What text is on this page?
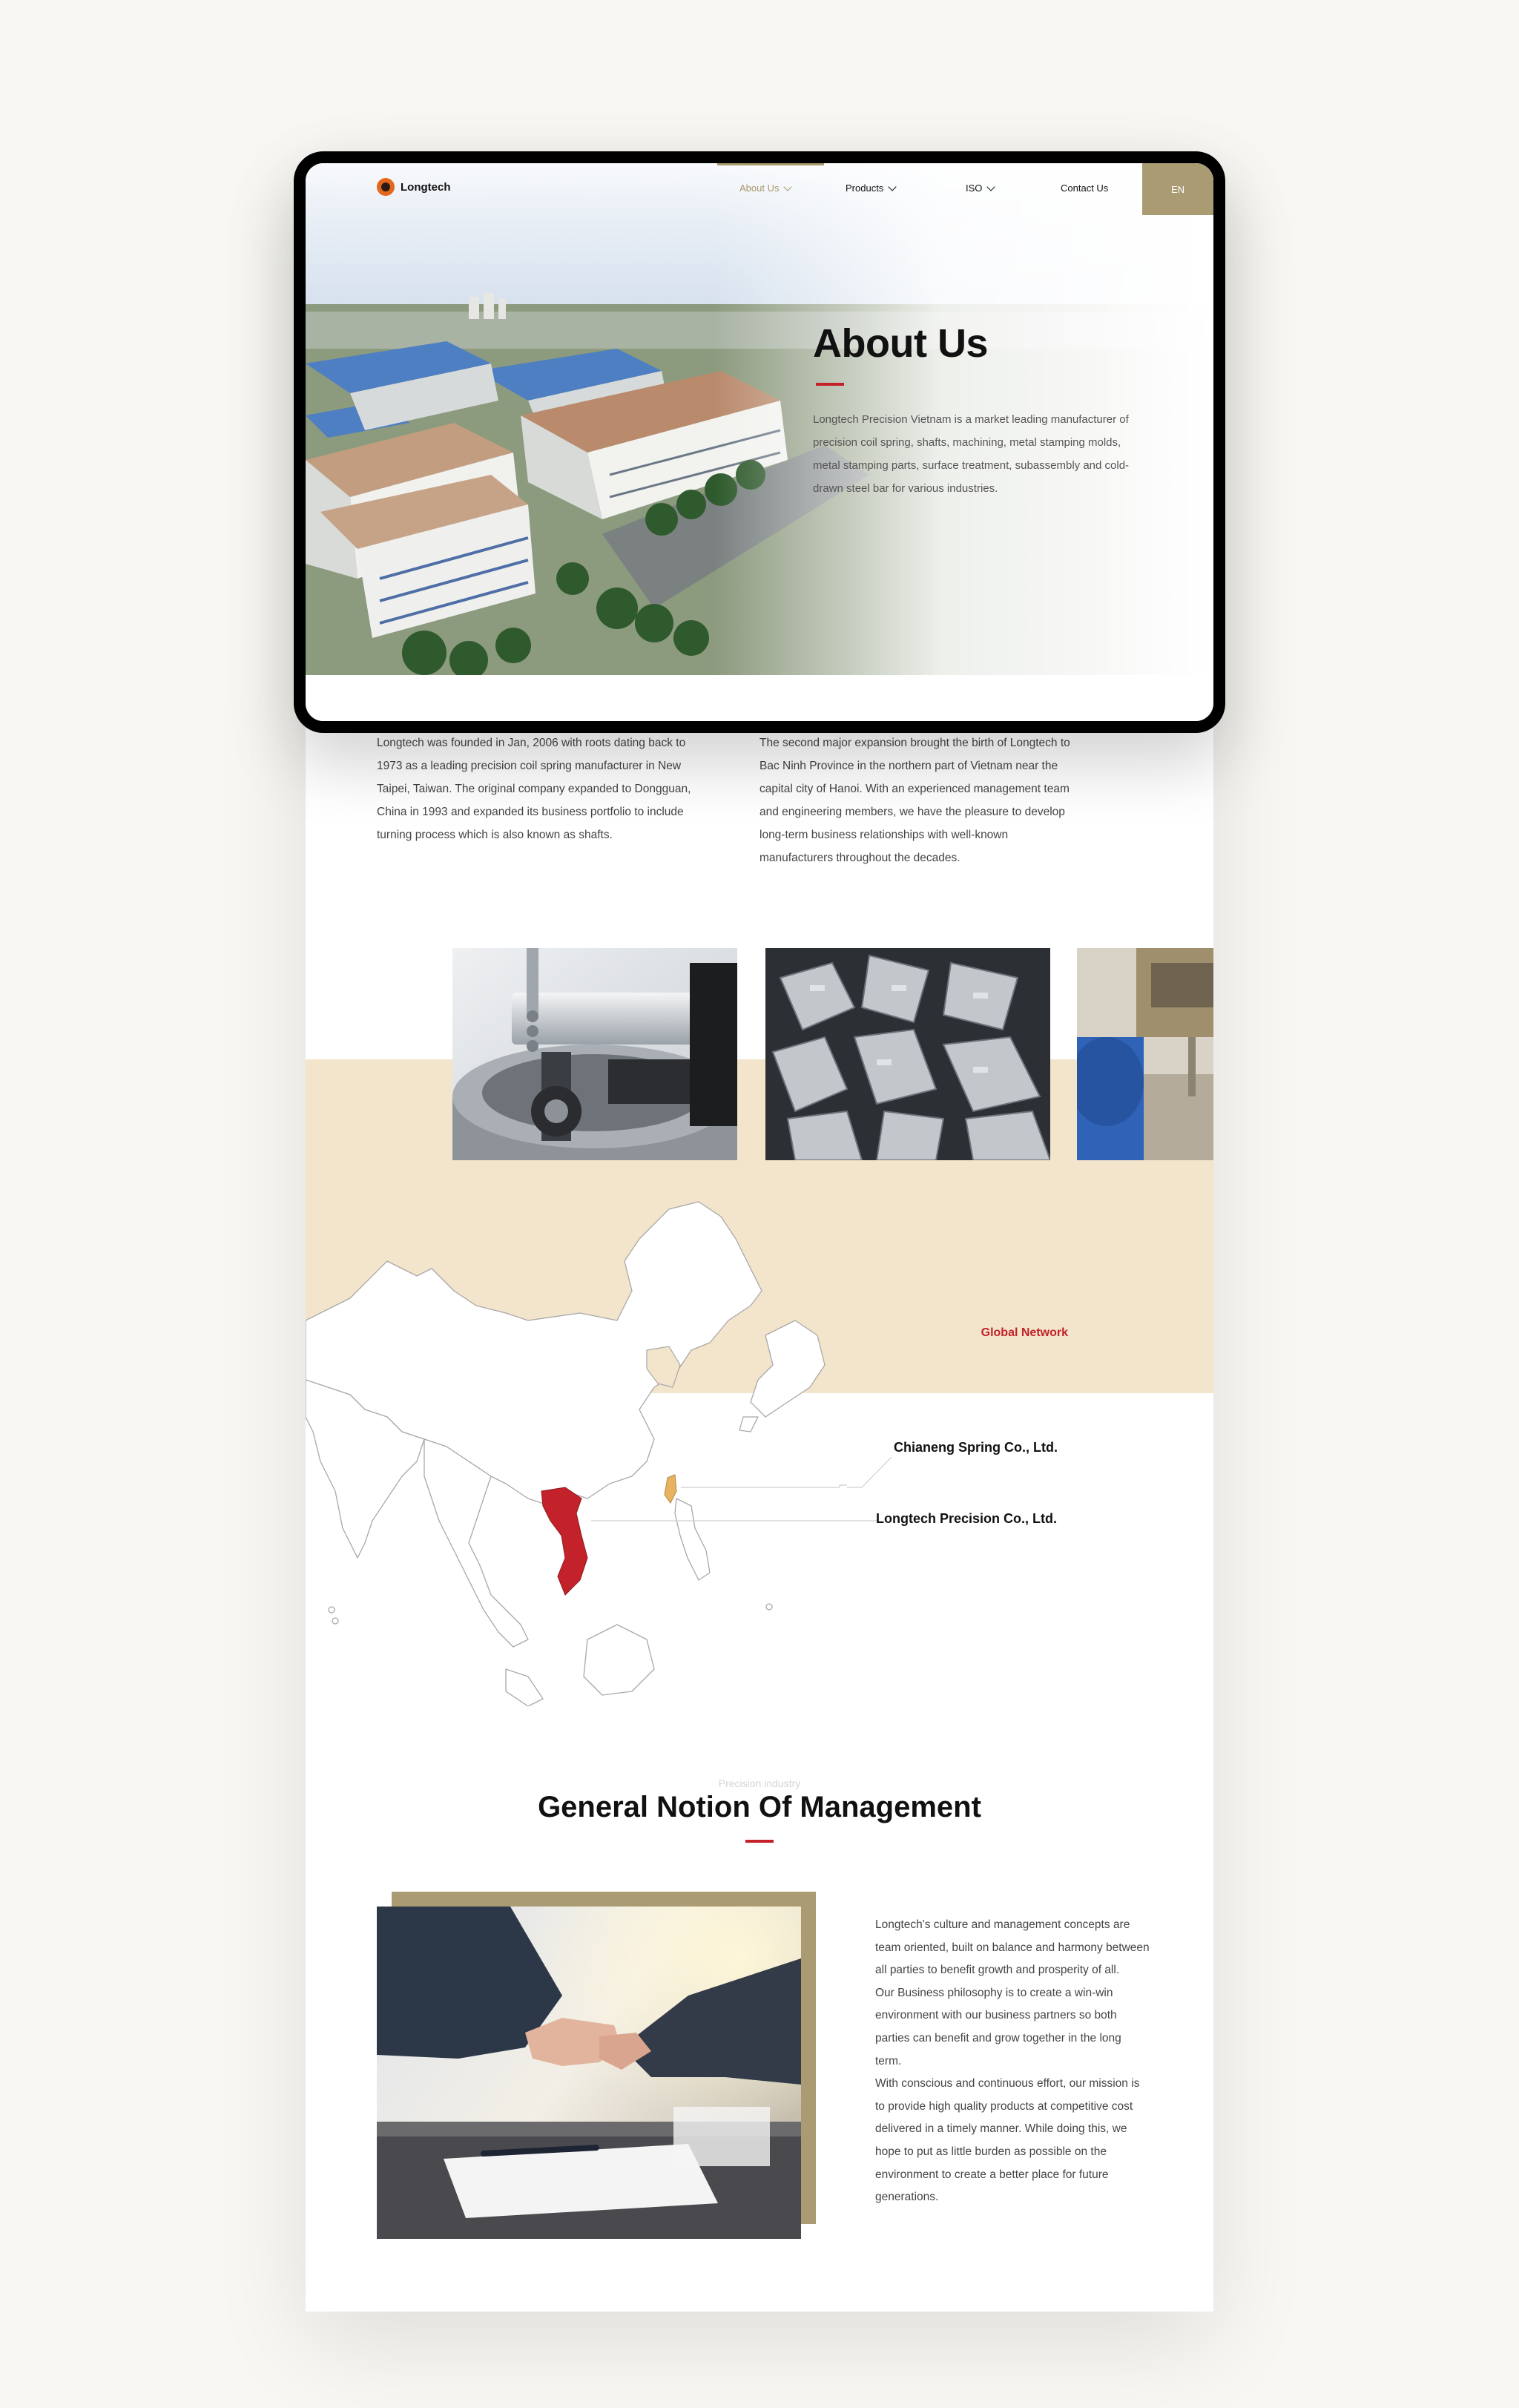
Longtech was founded in Jan, 2006 with roots dating back to 1973 as a leading precision coil spring manufacturer in New Taipei, Taiwan. The original company expanded to Dongguan, China in 1993 and expanded its business portfolio to include turning process which is also known as shafts.

The second major expansion brought the birth of Longtech to Bac Ninh Province in the northern part of Vietnam near the capital city of Hanoi. With an experienced management team and engineering members, we have the pleasure to develop long-term business relationships with well-known manufacturers throughout the decades.

Global Network
Chianeng Spring Co., Ltd.
Longtech Precision Co., Ltd.
Precision industry
General Notion Of Management

Longtech's culture and management concepts are team oriented, built on balance and harmony between all parties to benefit growth and prosperity of all.

Our Business philosophy is to create a win-win environment with our business partners so both parties can benefit and grow together in the long term.

With conscious and continuous effort, our mission is to provide high quality products at competitive cost delivered in a timely manner. While doing this, we hope to put as little burden as possible on the environment to create a better place for future generations.

Longtech	About Us	Products	ISO	Contact Us	EN
About Us

Longtech Precision Vietnam is a market leading manufacturer of precision coil spring, shafts, machining, metal stamping molds, metal stamping parts, surface treatment, subassembly and cold-drawn steel bar for various industries.
